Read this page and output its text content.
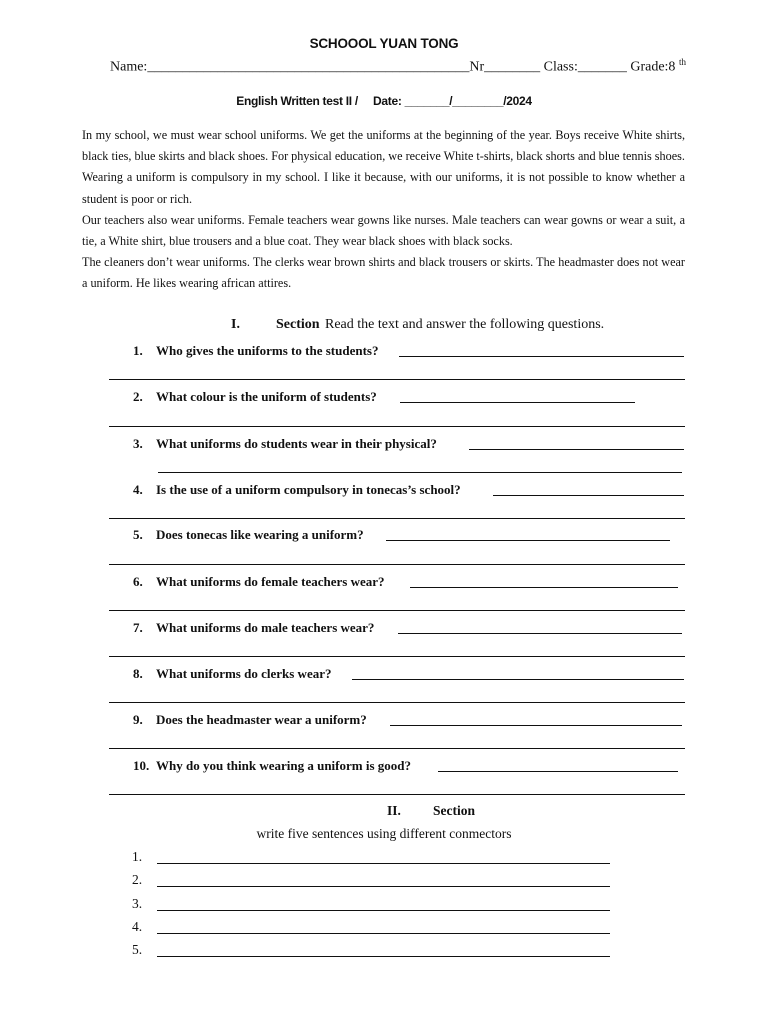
SCHOOOL YUAN TONG
Name:______________________________________________Nr________ Class:_______ Grade:8 $^{th}$
English Written test II / Date: _______/________/2024

In my school, we must wear school uniforms. We get the uniforms at the beginning of the year. Boys receive White shirts, black ties, blue skirts and black shoes. For physical education, we receive White t-shirts, black shorts and blue tennis shoes.

Wearing a uniform is compulsory in my school. I like it because, with our uniforms, it is not possible to know whether a student is poor or rich.

Our teachers also wear uniforms. Female teachers wear gowns like nurses. Male teachers can wear gowns or wear a suit, a tie, a White shirt, blue trousers and a blue coat. They wear black shoes with black socks.

The cleaners don’t wear uniforms. The clerks wear brown shirts and black trousers or skirts. The headmaster does not wear a uniform. He likes wearing african attires.

I.	Section Read the text and answer the following questions.
1. Who gives the uniforms to the students?
2. What colour is the uniform of students?
3. What uniforms do students wear in their physical?
4. Is the use of a uniform compulsory in tonecas’s school?
5. Does tonecas like wearing a uniform?
6. What uniforms do female teachers wear?
7. What uniforms do male teachers wear?
8. What uniforms do clerks wear?
9. Does the headmaster wear a uniform?
10. Why do you think wearing a uniform is good?
II. Section
write five sentences using different conmectors
1.
2.
3.
4.
5.
